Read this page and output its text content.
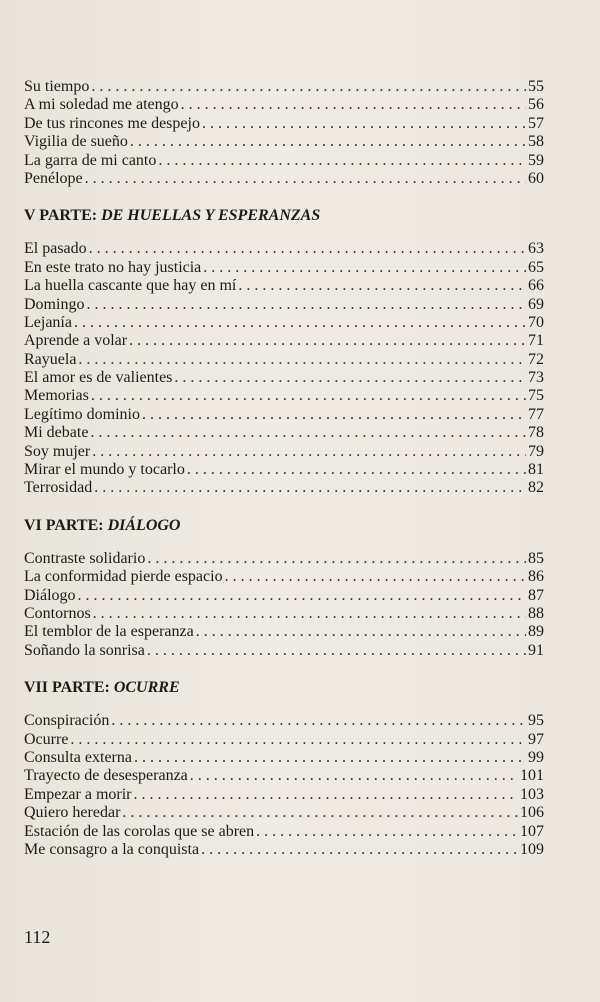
Su tiempo . . .	55
A mi soledad me atengo . . .	56
De tus rincones me despejo . . .	57
Vigilia de sueño . . .	58
La garra de mi canto . . .	59
Penélope . . .	60
V PARTE: DE HUELLAS Y ESPERANZAS
El pasado . . .	63
En este trato no hay justicia . . .	65
La huella cascante que hay en mí . . .	66
Domingo . . .	69
Lejanía . . .	70
Aprende a volar . . .	71
Rayuela . . .	72
El amor es de valientes . . .	73
Memorias . . .	75
Legítimo dominio . . .	77
Mi debate . . .	78
Soy mujer . . .	79
Mirar el mundo y tocarlo . . .	81
Terrosidad . . .	82
VI PARTE: DIÁLOGO
Contraste solidario . . .	85
La conformidad pierde espacio . . .	86
Diálogo . . .	87
Contornos . . .	88
El temblor de la esperanza . . .	89
Soñando la sonrisa . . .	91
VII PARTE: OCURRE
Conspiración . . .	95
Ocurre . . .	97
Consulta externa . . .	99
Trayecto de desesperanza . . .	101
Empezar a morir . . .	103
Quiero heredar . . .	106
Estación de las corolas que se abren . . .	107
Me consagro a la conquista . . .	109
112
